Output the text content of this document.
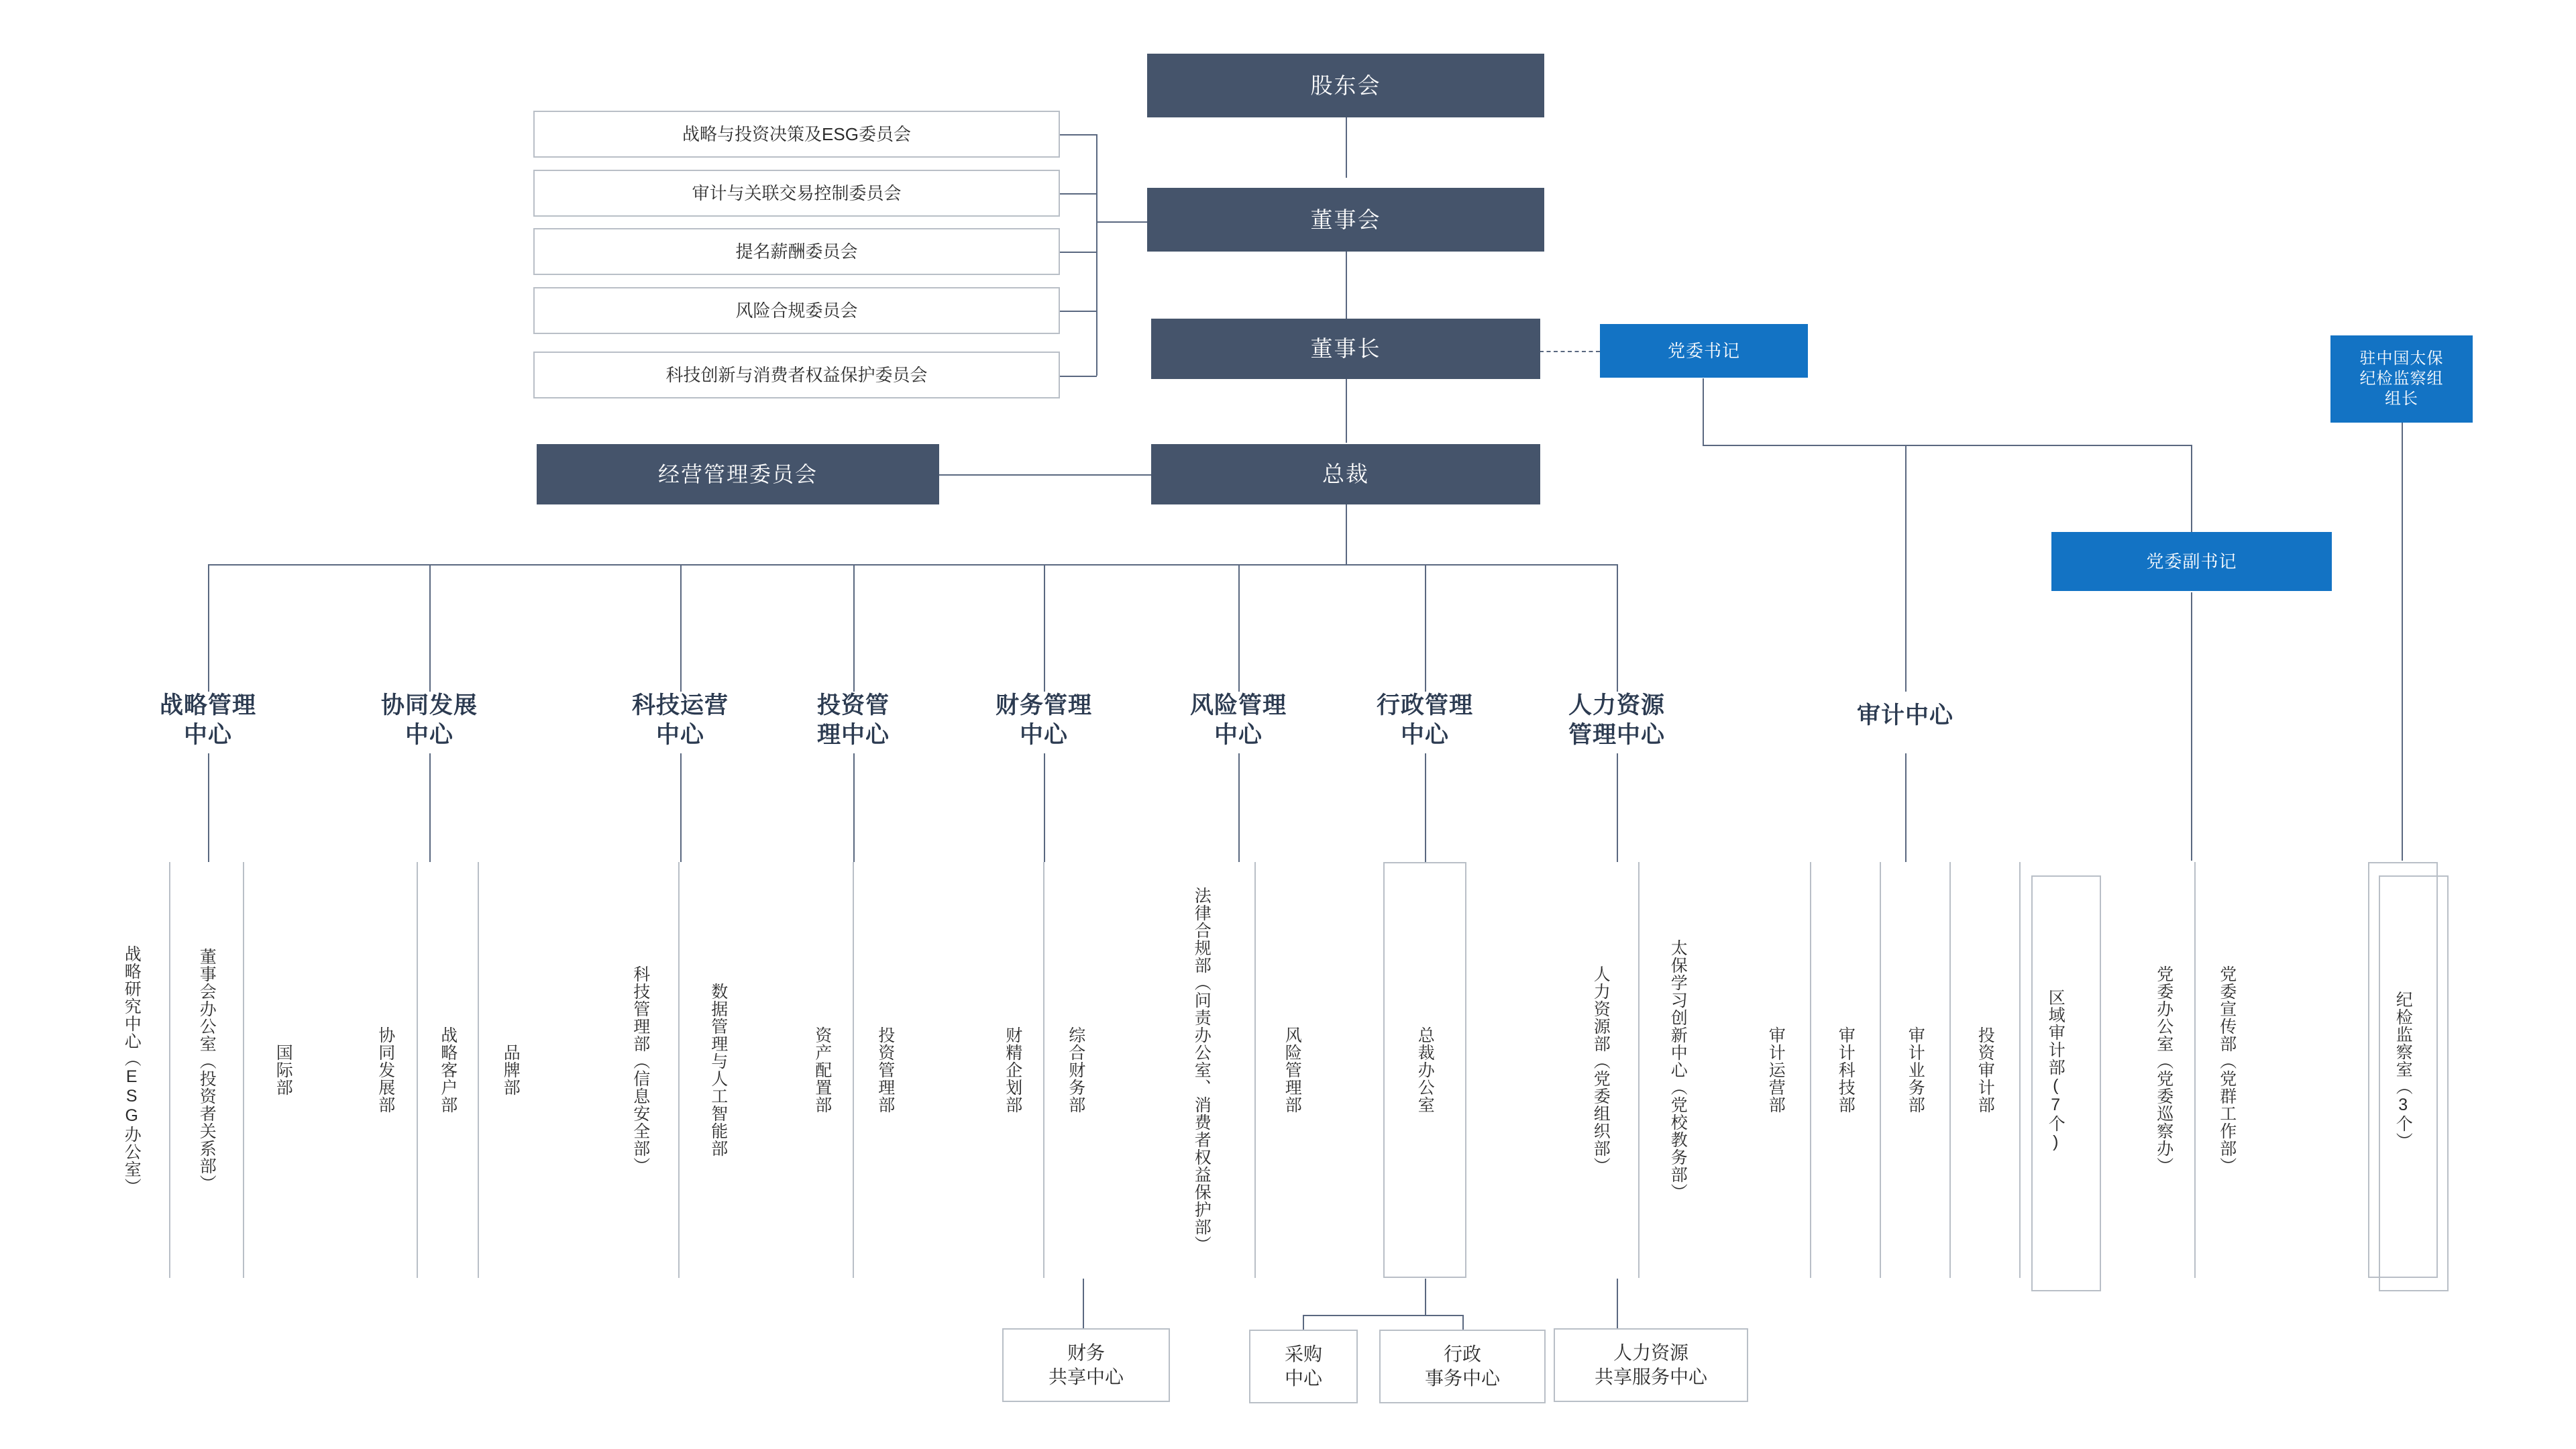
股东会
董事会
董事长
总裁
经营管理委员会
党委书记
党委副书记
驻中国太保
纪检监察组
组长
战略与投资决策及ESG委员会
审计与关联交易控制委员会
提名薪酬委员会
风险合规委员会
科技创新与消费者权益保护委员会
战略管理
中心
协同发展
中心
科技运营
中心
投资管
理中心
财务管理
中心
风险管理
中心
行政管理
中心
人力资源
管理中心
审计中心
战略研究中心（ESG办公室）	董事会办公室（投资者关系部）	国际部	协同发展部	战略客户部	品牌部	科技管理部（信息安全部）	数据管理与人工智能部	资产配置部	投资管理部	财精企划部	综合财务部	法律合规部（问责办公室、消费者权益保护部）	风险管理部	总裁办公室	人力资源部（党委组织部）	太保学习创新中心（党校教务部）	审计运营部	审计科技部	审计业务部	投资审计部	区域审计部(7个)	党委办公室（党委巡察办）	党委宣传部（党群工作部）	纪检监察室（3个）
财务
共享中心
采购
中心
行政
事务中心
人力资源
共享服务中心
